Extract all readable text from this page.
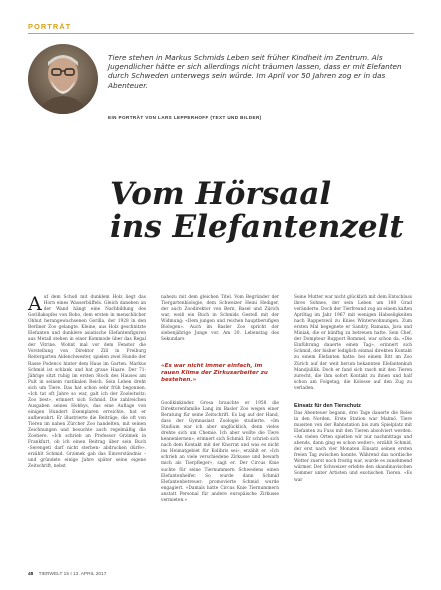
PORTRÄT
Tiere stehen in Markus Schmids Leben seit früher Kindheit im Zentrum. Als Jugendlicher hätte er sich allerdings nicht träumen lassen, dass er mit Elefanten durch Schweden unterwegs sein würde. Im April vor 50 Jahren zog er in das Abenteuer.
EIN PORTRÄT VON LARS LEPPERHOFF (TEXT UND BILDER)
Vom Hörsaal
ins Elefantenzelt

Auf dem Schoß mit dunklem Holz liegt das Horn eines Wasserbüffels. Gleich daneben an der Wand hängt eine Nachbildung des Gorillakopfes von Bobo, dem ersten in menschlicher Obhut herangewachsenen Gorilla, der 1928 in den Berliner Zoo gelangte. Kleine, aus Holz geschnitzte Elefanten und dunklere asiatische Elefantenfiguren aus Metall stehen in einer Kommode über das Regal der Vitrine. Wohnt mal vor dem Fenster die Vorstellung von Direktor Zill in Freiburg Reitergarten Aldenchwester, spielen zwei Hunde der Rasse Podenco hinter dem Haus im Garten. Markus Schmid ist schlank und hat graue Haare. Der 71-Jährige sitzt ruhig im ersten Stock des Hauses am Pult in seinem rustikalen Reich. Sein Leben dreht sich um Tiere. Das hat schon sehr früh begonnen. «Ich tat oft Jahre so war, galt ich der Zooleitwitz: Zoo best», erinnert sich Schmid. Die zahlreichen Ausgaben seines Hobbys, das eine Auflage von einigen Hundert Exemplaren erreichte, hat er aufbewahrt. Er illustrierte die Beiträge, die oft von Tieren im nahen Zürcher Zoo handelten, mit seinen Zeichnungen und besuchte auch regelmäßig die Zootiere. «Ich schrieb an Professor Grzimek in Frankfurt, ob ich einen Beitrag über sein Buch ‹Serengeti darf nicht sterben› abdrucken dürfe», erzählt Schmid. Grzimek gab das Einverständnis – und gründete einige Jahre später seine eigene Zeitschrift, nebst

nahezu mit dem gleichen Titel. Vom Begründer der Tiergartenbiologie, dem Schweizer Heini Hediger, der auch Zoodirektor von Bern, Basel und Zürich war, weiß ein Buch in Schmids Gestell mit der Widmung: «Dem jungen und reichen hauptberufigen Biologen». Auch im Basler Zoo spricht der siebenjährige Junge vor. Am 20. Lebenstag des Sekundars

«Es war nicht immer einfach, im rauen Klima der Zirkusarbeiter zu bestehen.»

Goolikinkinder. Grosa brauchte er 1958 die Direktorenfamilie Lang im Basler Zoo wegen einer Beratung für seine Zeitschrift. Es lag auf der Hand, dass der Gymnasiast Zoologie studierte. «Im Studium war ich aber unglücklich, denn vieles drehte sich um Chemie. Ich aber wollte die Tiere kennenlernen», erinnert sich Schmid. Er schrieb sich nach dem Kontakt mit der Knorrat und was es nicht ins Heimatgebiet für Kolibris sei», erzählt er. «Ich schrieb an viele verschiedene Zirkusse und bewarb mich als Tierpfleger», sagt er. Der Circus Knie suchte für seine Tiernummern Schwedens einen Elefantenhelfer. So wurde dann Schmid Elefantenbetreuer: promovierte Schmid wurde engagiert. «Damals hatte Circus Knie Tiernummern anstatt Personal für andere europäische Zirkusse vermieten.»

Seine Mutter war nicht glücklich mit dem Entschluss ihres Sohnes, der sein Leben um 180 Grad veränderte. Doch der Tierfreund zog an einem kalten Apriltag im Jahr 1967 mit wenigen Habseligkeiten nach Rapperswil zu Knies Winterwohnungen. Zum ersten Mal begegnete er Sandry, Ramana, Java und Miniak, die er künftig zu betreuen hatte. Sein Chef, der Dompteur Rupport Rommel, war schon da. «Die Einführung dauerte einen Tag», erinnert sich Schmid, der bisher lediglich einmal direkten Kontakt zu einem Elefanten hatte: bei einem Ritt im Zoo Zürich auf der weit herum bekannten Elefantenkuh Mandjulilik. Doch er fand sich rasch mit den Tieren zurecht, die ihm sofort Kontakt zu ihnen und half schon am Folgetag, die Kolosse auf den Zug zu verladen.

Einsatz für den Tierschutz

Das Abenteuer begann, drei Tage dauerte die Reise in den Norden. Erste Station war Malmö. Tiere mussten von der Bahnstation bis zum Spielplatz mit Elefanten zu Fuss mit den Tieren absolviert werden. «An vielen Orten spielten wir nur nachmittags und abends, dann ging es schon weiter», erzählt Schmid, der erst nach vier Monaten Einsatz seinen ersten freien Tag zwischen konnte. Während das nordische Wetter zuerst noch frostig war, wurde es zunehmend wärmer. Der Schweizer erlebte den skandinavischen Sommer unter Artisten und exotischen Tieren. «Es war

48 TIERWELT 15 I 13. APRIL 2017
